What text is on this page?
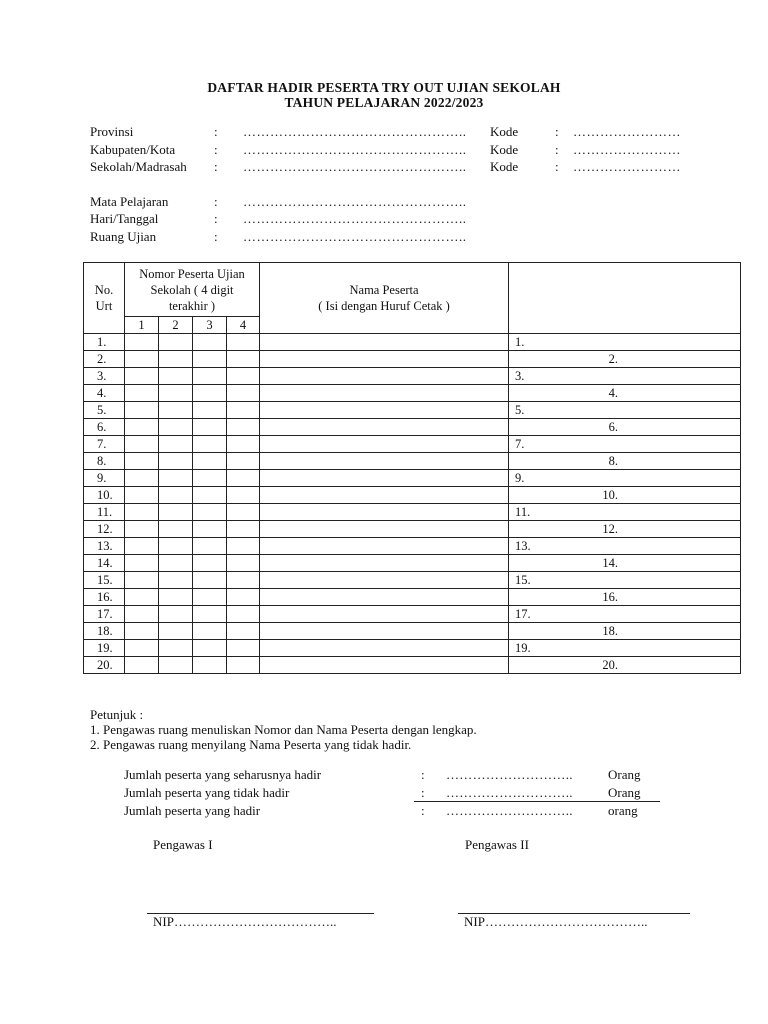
DAFTAR HADIR PESERTA TRY OUT UJIAN SEKOLAH
TAHUN PELAJARAN 2022/2023
Provinsi	: ………………………………………….. Kode	: ……………………
Kabupaten/Kota	: ………………………………………….. Kode	: ……………………
Sekolah/Madrasah : ………………………………………….. Kode	: ……………………
Mata Pelajaran	: …………………………………………..
Hari/Tanggal	: …………………………………………..
Ruang Ujian	: …………………………………………..
No. Urt	Nomor Peserta Ujian Sekolah ( 4 digit terakhir )				Nama Peserta
( Isi dengan Huruf Cetak )	

	1	2	3	4		
1.						1.
2.						2.
3.						3.
4.						4.
5.						5.
6.						6.
7.						7.
8.						8.
9.						9.
10.						10.
11.						11.
12.						12.
13.						13.
14.						14.
15.						15.
16.						16.
17.						17.
18.						18.
19.						19.
20.						20.
Petunjuk :
1. Pengawas ruang menuliskan Nomor dan Nama Peserta dengan lengkap.
2. Pengawas ruang menyilang Nama Peserta yang tidak hadir.
Jumlah peserta yang seharusnya hadir	: ………………………..	Orang
Jumlah peserta yang tidak hadir	: ………………………..	Orang
Jumlah peserta yang hadir	: ………………………..	orang
Pengawas I	Pengawas II
NIP………………………………..	NIP………………………………..
